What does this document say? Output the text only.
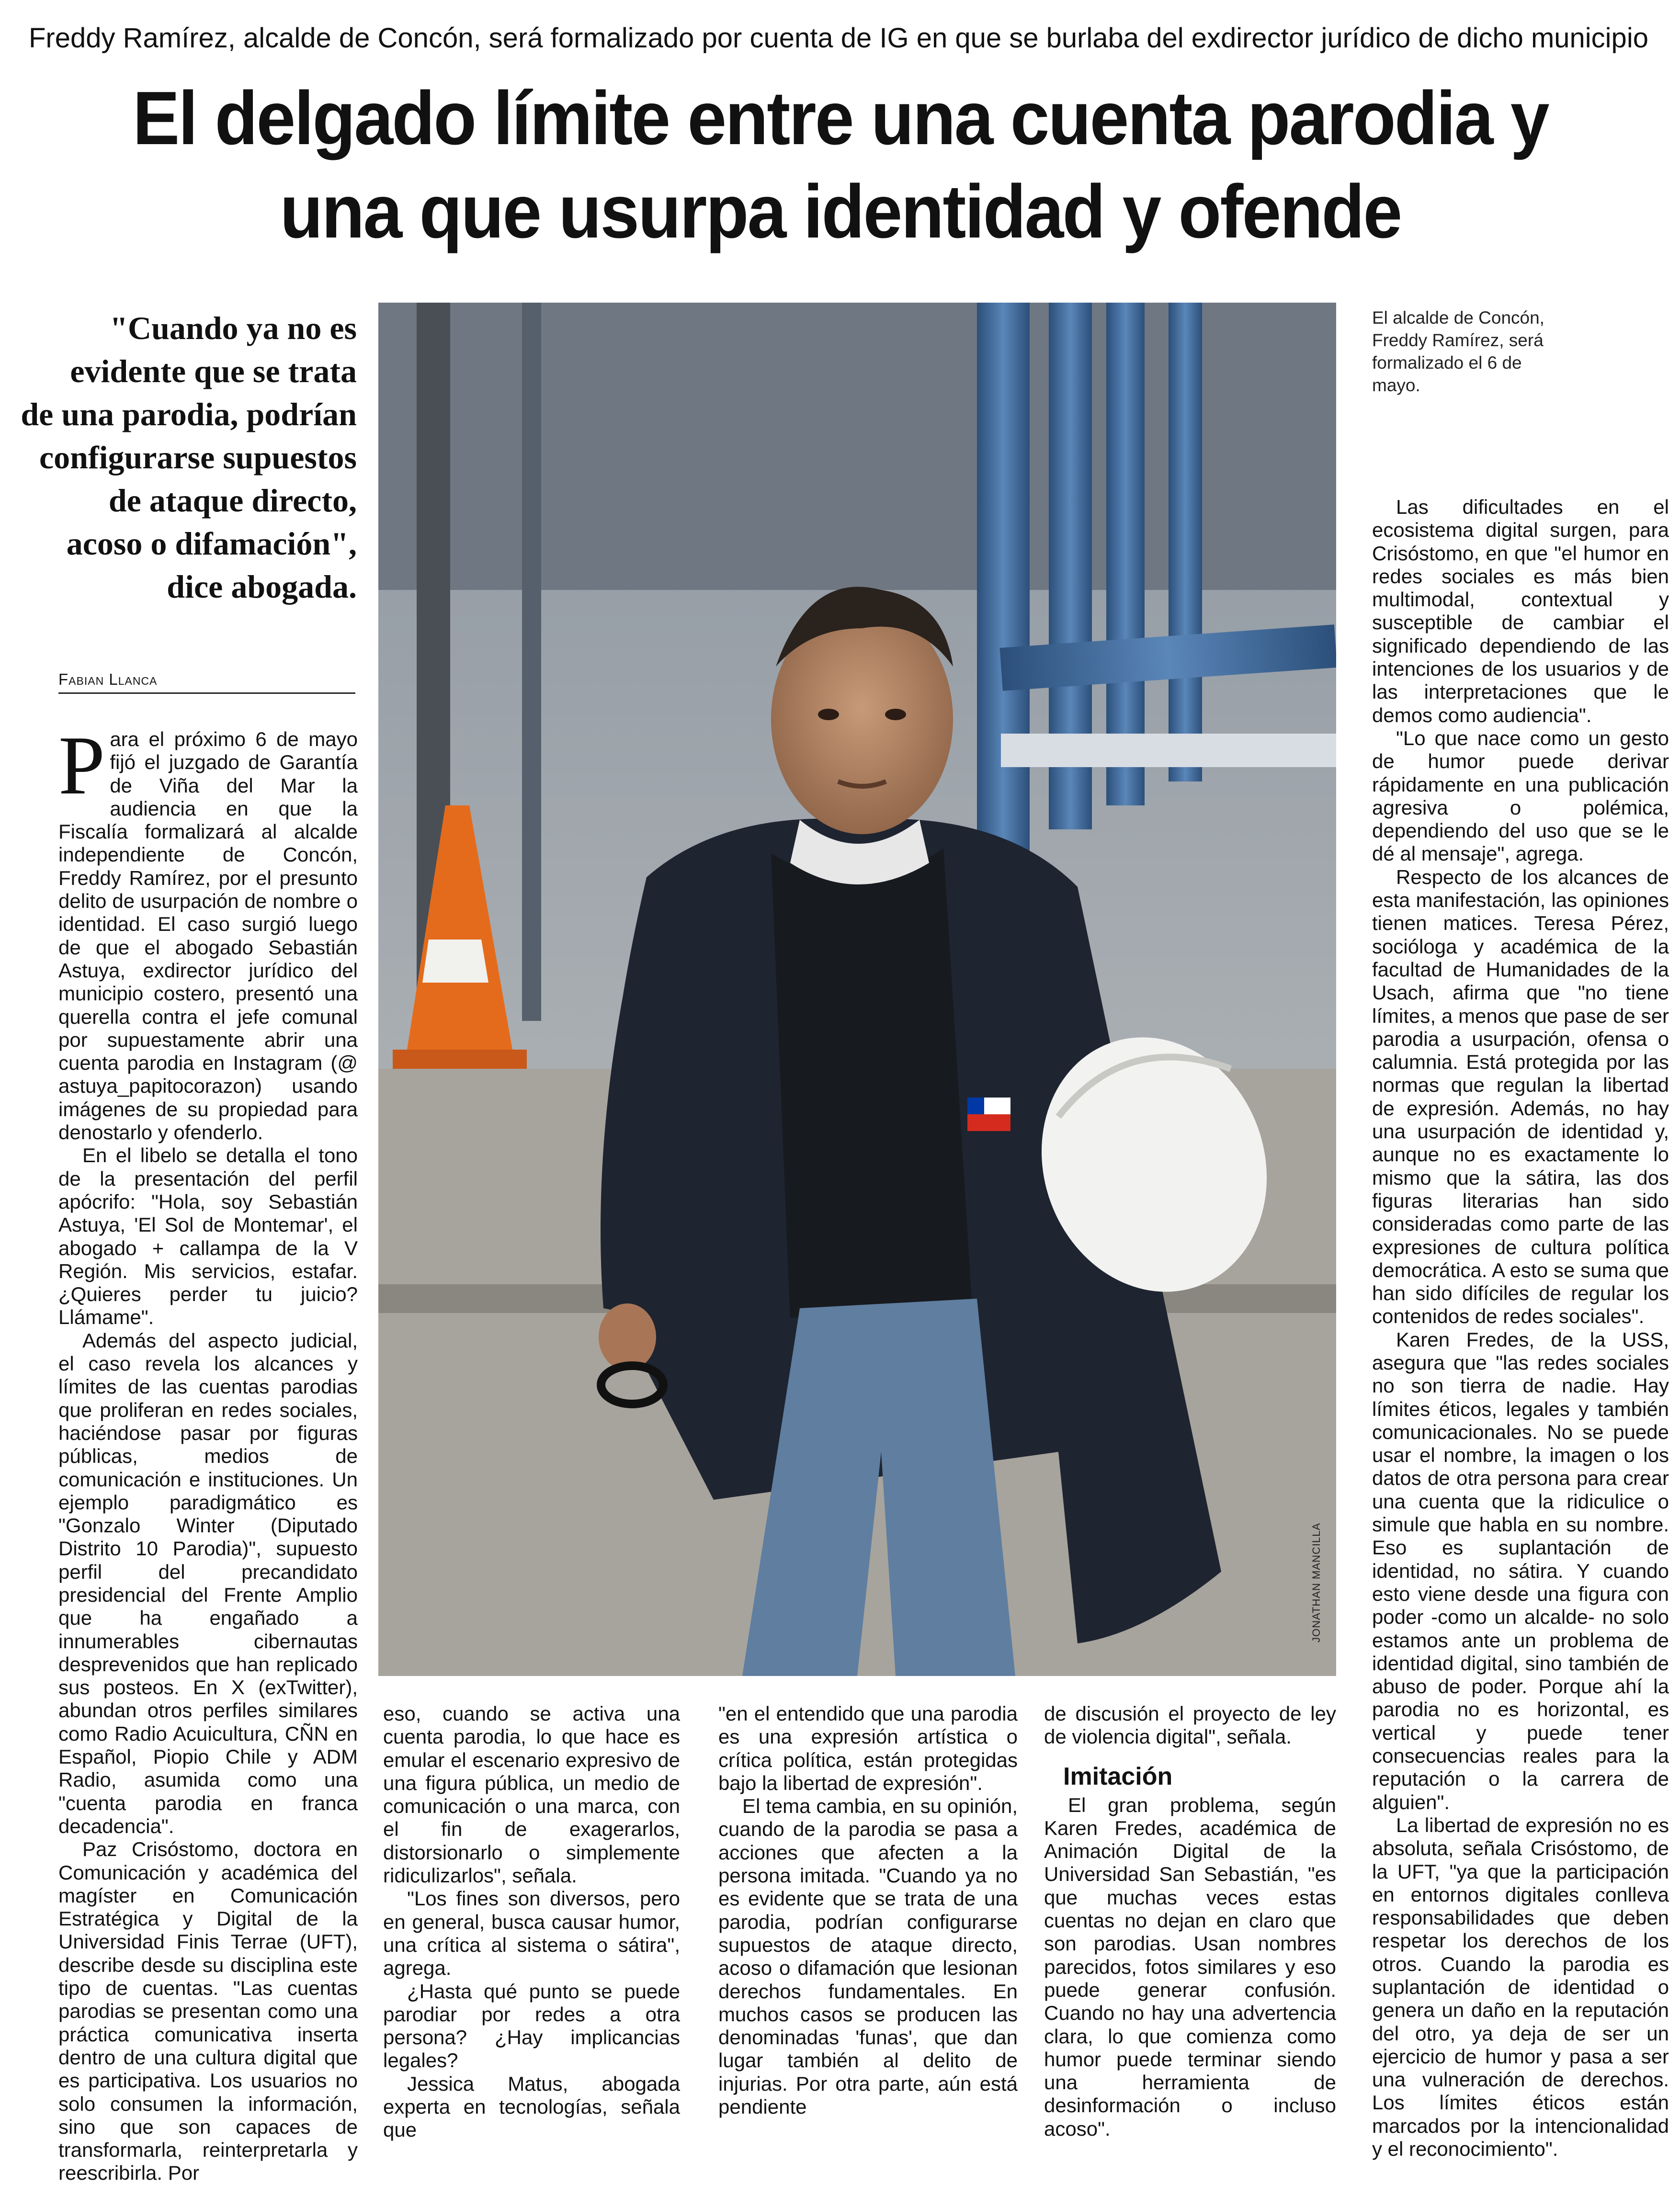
Freddy Ramírez, alcalde de Concón, será formalizado por cuenta de IG en que se burlaba del exdirector jurídico de dicho municipio
El delgado límite entre una cuenta parodia y
una que usurpa identidad y ofende
"Cuando ya no es
evidente que se trata
de una parodia, podrían
configurarse supuestos
de ataque directo,
acoso o difamación",
dice abogada.
Fabian Llanca

Para el próximo 6 de mayo fijó el juzgado de Garantía de Viña del Mar la audiencia en que la Fiscalía formalizará al alcalde independiente de Concón, Freddy Ramírez, por el presunto delito de usurpación de nombre o identidad. El caso surgió luego de que el abogado Sebastián Astuya, exdirector jurídico del municipio costero, presentó una querella contra el jefe comunal por supuestamente abrir una cuenta parodia en Instagram (@ astuya_papitocorazon) usando imágenes de su propiedad para denostarlo y ofenderlo.

En el libelo se detalla el tono de la presentación del perfil apócrifo: "Hola, soy Sebastián Astuya, 'El Sol de Montemar', el abogado + callampa de la V Región. Mis servicios, estafar. ¿Quieres perder tu juicio? Llámame".

Además del aspecto judicial, el caso revela los alcances y límites de las cuentas parodias que proliferan en redes sociales, haciéndose pasar por figuras públicas, medios de comunicación e instituciones. Un ejemplo paradigmático es "Gonzalo Winter (Diputado Distrito 10 Parodia)", supuesto perfil del precandidato presidencial del Frente Amplio que ha engañado a innumerables cibernautas desprevenidos que han replicado sus posteos. En X (exTwitter), abundan otros perfiles similares como Radio Acuicultura, CÑN en Español, Piopio Chile y ADM Radio, asumida como una "cuenta parodia en franca decadencia".

Paz Crisóstomo, doctora en Comunicación y académica del magíster en Comunicación Estratégica y Digital de la Universidad Finis Terrae (UFT), describe desde su disciplina este tipo de cuentas. "Las cuentas parodias se presentan como una práctica comunicativa inserta dentro de una cultura digital que es participativa. Los usuarios no solo consumen la información, sino que son capaces de transformarla, reinterpretarla y reescribirla. Por

JONATHAN MANCILLA
El alcalde de Concón, Freddy Ramírez, será formalizado el 6 de mayo.

eso, cuando se activa una cuenta parodia, lo que hace es emular el escenario expresivo de una figura pública, un medio de comunicación o una marca, con el fin de exagerarlos, distorsionarlo o simplemente ridiculizarlos", señala.

"Los fines son diversos, pero en general, busca causar humor, una crítica al sistema o sátira", agrega.

¿Hasta qué punto se puede parodiar por redes a otra persona? ¿Hay implicancias legales?

Jessica Matus, abogada experta en tecnologías, señala que

"en el entendido que una parodia es una expresión artística o crítica política, están protegidas bajo la libertad de expresión".

El tema cambia, en su opinión, cuando de la parodia se pasa a acciones que afecten a la persona imitada. "Cuando ya no es evidente que se trata de una parodia, podrían configurarse supuestos de ataque directo, acoso o difamación que lesionan derechos fundamentales. En muchos casos se producen las denominadas 'funas', que dan lugar también al delito de injurias. Por otra parte, aún está pendiente

de discusión el proyecto de ley de violencia digital", señala.

Imitación

El gran problema, según Karen Fredes, académica de Animación Digital de la Universidad San Sebastián, "es que muchas veces estas cuentas no dejan en claro que son parodias. Usan nombres parecidos, fotos similares y eso puede generar confusión. Cuando no hay una advertencia clara, lo que comienza como humor puede terminar siendo una herramienta de desinformación o incluso acoso".

Las dificultades en el ecosistema digital surgen, para Crisóstomo, en que "el humor en redes sociales es más bien multimodal, contextual y susceptible de cambiar el significado dependiendo de las intenciones de los usuarios y de las interpretaciones que le demos como audiencia".

"Lo que nace como un gesto de humor puede derivar rápidamente en una publicación agresiva o polémica, dependiendo del uso que se le dé al mensaje", agrega.

Respecto de los alcances de esta manifestación, las opiniones tienen matices. Teresa Pérez, socióloga y académica de la facultad de Humanidades de la Usach, afirma que "no tiene límites, a menos que pase de ser parodia a usurpación, ofensa o calumnia. Está protegida por las normas que regulan la libertad de expresión. Además, no hay una usurpación de identidad y, aunque no es exactamente lo mismo que la sátira, las dos figuras literarias han sido consideradas como parte de las expresiones de cultura política democrática. A esto se suma que han sido difíciles de regular los contenidos de redes sociales".

Karen Fredes, de la USS, asegura que "las redes sociales no son tierra de nadie. Hay límites éticos, legales y también comunicacionales. No se puede usar el nombre, la imagen o los datos de otra persona para crear una cuenta que la ridiculice o simule que habla en su nombre. Eso es suplantación de identidad, no sátira. Y cuando esto viene desde una figura con poder -como un alcalde- no solo estamos ante un problema de identidad digital, sino también de abuso de poder. Porque ahí la parodia no es horizontal, es vertical y puede tener consecuencias reales para la reputación o la carrera de alguien".

La libertad de expresión no es absoluta, señala Crisóstomo, de la UFT, "ya que la participación en entornos digitales conlleva responsabilidades que deben respetar los derechos de los otros. Cuando la parodia es suplantación de identidad o genera un daño en la reputación del otro, ya deja de ser un ejercicio de humor y pasa a ser una vulneración de derechos. Los límites éticos están marcados por la intencionalidad y el reconocimiento".
